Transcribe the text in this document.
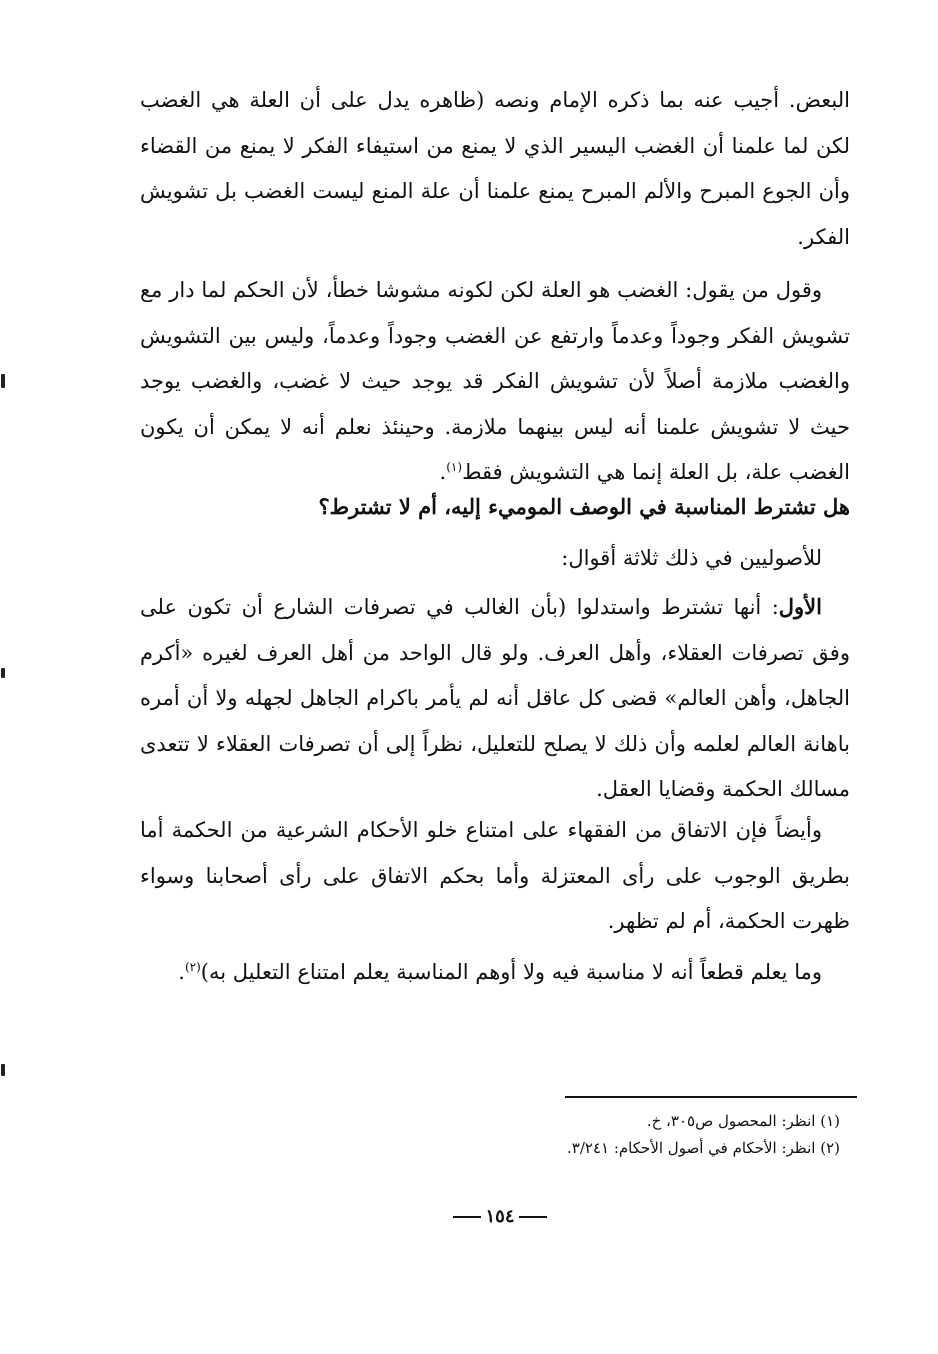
البعض. أجيب عنه بما ذكره الإمام ونصه (ظاهره يدل على أن العلة هي الغضب لكن لما علمنا أن الغضب اليسير الذي لا يمنع من استيفاء الفكر لا يمنع من القضاء وأن الجوع المبرح والألم المبرح يمنع علمنا أن علة المنع ليست الغضب بل تشويش الفكر.

وقول من يقول: الغضب هو العلة لكن لكونه مشوشا خطأ، لأن الحكم لما دار مع تشويش الفكر وجوداً وعدماً وارتفع عن الغضب وجوداً وعدماً، وليس بين التشويش والغضب ملازمة أصلاً لأن تشويش الفكر قد يوجد حيث لا غضب، والغضب يوجد حيث لا تشويش علمنا أنه ليس بينهما ملازمة. وحينئذ نعلم أنه لا يمكن أن يكون الغضب علة، بل العلة إنما هي التشويش فقط$^{(١)}$.

هل تشترط المناسبة في الوصف الموميء إليه، أم لا تشترط؟

للأصوليين في ذلك ثلاثة أقوال:

الأول: أنها تشترط واستدلوا (بأن الغالب في تصرفات الشارع أن تكون على وفق تصرفات العقلاء، وأهل العرف. ولو قال الواحد من أهل العرف لغيره «أكرم الجاهل، وأهن العالم» قضى كل عاقل أنه لم يأمر باكرام الجاهل لجهله ولا أن أمره باهانة العالم لعلمه وأن ذلك لا يصلح للتعليل، نظراً إلى أن تصرفات العقلاء لا تتعدى مسالك الحكمة وقضايا العقل.

وأيضاً فإن الاتفاق من الفقهاء على امتناع خلو الأحكام الشرعية من الحكمة أما بطريق الوجوب على رأى المعتزلة وأما بحكم الاتفاق على رأى أصحابنا وسواء ظهرت الحكمة، أم لم تظهر.

وما يعلم قطعاً أنه لا مناسبة فيه ولا أوهم المناسبة يعلم امتناع التعليل به)$^{(٢)}$.

(١) انظر: المحصول ص٣٠٥، خ.

(٢) انظر: الأحكام في أصول الأحكام: ٣/٢٤١.

١٥٤
